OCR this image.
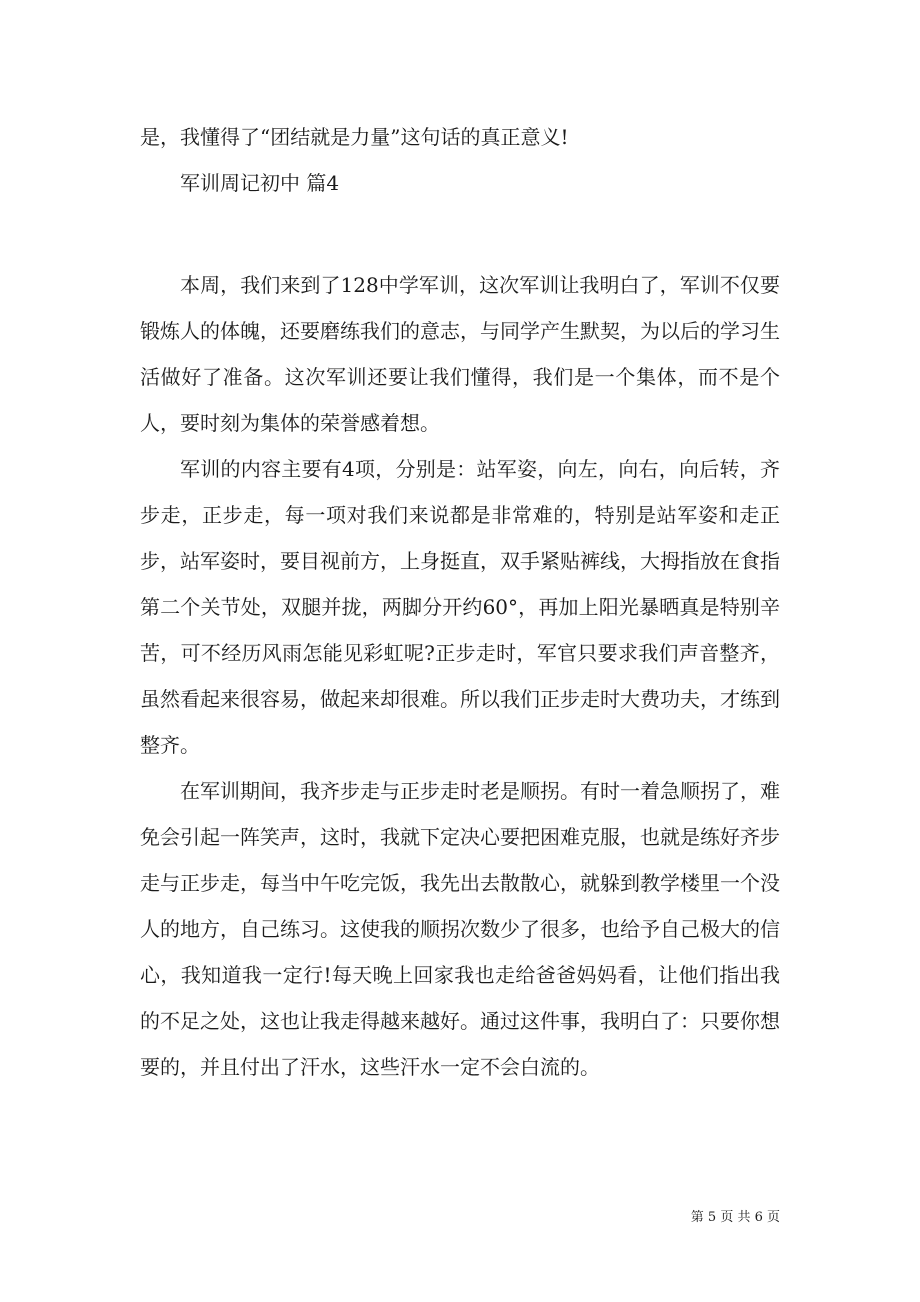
是，我懂得了“团结就是力量”这句话的真正意义!

军训周记初中 篇4

本周，我们来到了128中学军训，这次军训让我明白了，军训不仅要锻炼人的体魄，还要磨练我们的意志，与同学产生默契，为以后的学习生活做好了准备。这次军训还要让我们懂得，我们是一个集体，而不是个人，要时刻为集体的荣誉感着想。

军训的内容主要有4项，分别是：站军姿，向左，向右，向后转，齐步走，正步走，每一项对我们来说都是非常难的，特别是站军姿和走正步，站军姿时，要目视前方，上身挺直，双手紧贴裤线，大拇指放在食指第二个关节处，双腿并拢，两脚分开约60°，再加上阳光暴晒真是特别辛苦，可不经历风雨怎能见彩虹呢?正步走时，军官只要求我们声音整齐，虽然看起来很容易，做起来却很难。所以我们正步走时大费功夫，才练到整齐。

在军训期间，我齐步走与正步走时老是顺拐。有时一着急顺拐了，难免会引起一阵笑声，这时，我就下定决心要把困难克服，也就是练好齐步走与正步走，每当中午吃完饭，我先出去散散心，就躲到教学楼里一个没人的地方，自己练习。这使我的顺拐次数少了很多，也给予自己极大的信心，我知道我一定行!每天晚上回家我也走给爸爸妈妈看，让他们指出我的不足之处，这也让我走得越来越好。通过这件事，我明白了：只要你想要的，并且付出了汗水，这些汗水一定不会白流的。

第 5 页 共 6 页
